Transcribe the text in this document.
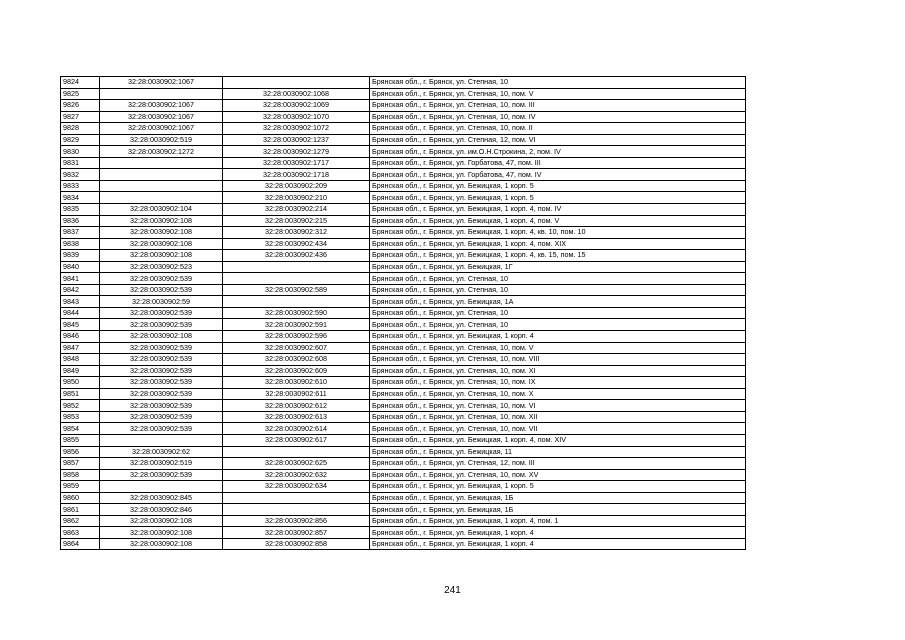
9824	32:28:0030902:1067		Брянская обл., г. Брянск, ул. Степная, 10
9825		32:28:0030902:1068	Брянская обл., г. Брянск, ул. Степная, 10, пом. V
9826	32:28:0030902:1067	32:28:0030902:1069	Брянская обл., г. Брянск, ул. Степная, 10, пом. III
9827	32:28:0030902:1067	32:28:0030902:1070	Брянская обл., г. Брянск, ул. Степная, 10, пом. IV
9828	32:28:0030902:1067	32:28:0030902:1072	Брянская обл., г. Брянск, ул. Степная, 10, пом. II
9829	32:28:0030902:519	32:28:0030902:1237	Брянская обл., г. Брянск, ул. Степная, 12, пом. VI
9830	32:28:0030902:1272	32:28:0030902:1279	Брянская обл., г. Брянск, ул. им.О.Н.Строкина, 2, пом. IV
9831		32:28:0030902:1717	Брянская обл., г. Брянск, ул. Горбатова, 47, пом. III
9832		32:28:0030902:1718	Брянская обл., г. Брянск, ул. Горбатова, 47, пом. IV
9833		32:28:0030902:209	Брянская обл., г. Брянск, ул. Бежицкая, 1 корп. 5
9834		32:28:0030902:210	Брянская обл., г. Брянск, ул. Бежицкая, 1 корп. 5
9835	32:28:0030902:104	32:28:0030902:214	Брянская обл., г. Брянск, ул. Бежицкая, 1 корп. 4, пом. IV
9836	32:28:0030902:108	32:28:0030902:215	Брянская обл., г. Брянск, ул. Бежицкая, 1 корп. 4, пом. V
9837	32:28:0030902:108	32:28:0030902:312	Брянская обл., г. Брянск, ул. Бежицкая, 1 корп. 4, кв. 10, пом. 10
9838	32:28:0030902:108	32:28:0030902:434	Брянская обл., г. Брянск, ул. Бежицкая, 1 корп. 4, пом. XIX
9839	32:28:0030902:108	32:28:0030902:436	Брянская обл., г. Брянск, ул. Бежицкая, 1 корп. 4, кв. 15, пом. 15
9840	32:28:0030902:523		Брянская обл., г. Брянск, ул. Бежицкая, 1Г
9841	32:28:0030902:539		Брянская обл., г. Брянск, ул. Степная, 10
9842	32:28:0030902:539	32:28:0030902:589	Брянская обл., г. Брянск, ул. Степная, 10
9843	32:28:0030902:59		Брянская обл., г. Брянск, ул. Бежицкая, 1А
9844	32:28:0030902:539	32:28:0030902:590	Брянская обл., г. Брянск, ул. Степная, 10
9845	32:28:0030902:539	32:28:0030902:591	Брянская обл., г. Брянск, ул. Степная, 10
9846	32:28:0030902:108	32:28:0030902:596	Брянская обл., г. Брянск, ул. Бежицкая, 1 корп. 4
9847	32:28:0030902:539	32:28:0030902:607	Брянская обл., г. Брянск, ул. Степная, 10, пом. V
9848	32:28:0030902:539	32:28:0030902:608	Брянская обл., г. Брянск, ул. Степная, 10, пом. VIII
9849	32:28:0030902:539	32:28:0030902:609	Брянская обл., г. Брянск, ул. Степная, 10, пом. XI
9850	32:28:0030902:539	32:28:0030902:610	Брянская обл., г. Брянск, ул. Степная, 10, пом. IX
9851	32:28:0030902:539	32:28:0030902:611	Брянская обл., г. Брянск, ул. Степная, 10, пом. X
9852	32:28:0030902:539	32:28:0030902:612	Брянская обл., г. Брянск, ул. Степная, 10, пом. VI
9853	32:28:0030902:539	32:28:0030902:613	Брянская обл., г. Брянск, ул. Степная, 10, пом. XII
9854	32:28:0030902:539	32:28:0030902:614	Брянская обл., г. Брянск, ул. Степная, 10, пом. VII
9855		32:28:0030902:617	Брянская обл., г. Брянск, ул. Бежицкая, 1 корп. 4, пом. XIV
9856	32:28:0030902:62		Брянская обл., г. Брянск, ул. Бежицкая, 11
9857	32:28:0030902:519	32:28:0030902:625	Брянская обл., г. Брянск, ул. Степная, 12, пом. III
9858	32:28:0030902:539	32:28:0030902:632	Брянская обл., г. Брянск, ул. Степная, 10, пом. XV
9859		32:28:0030902:634	Брянская обл., г. Брянск, ул. Бежицкая, 1 корп. 5
9860	32:28:0030902:845		Брянская обл., г. Брянск, ул. Бежицкая, 1Б
9861	32:28:0030902:846		Брянская обл., г. Брянск, ул. Бежицкая, 1Б
9862	32:28:0030902:108	32:28:0030902:856	Брянская обл., г. Брянск, ул. Бежицкая, 1 корп. 4, пом. 1
9863	32:28:0030902:108	32:28:0030902:857	Брянская обл., г. Брянск, ул. Бежицкая, 1 корп. 4
9864	32:28:0030902:108	32:28:0030902:858	Брянская обл., г. Брянск, ул. Бежицкая, 1 корп. 4
241
